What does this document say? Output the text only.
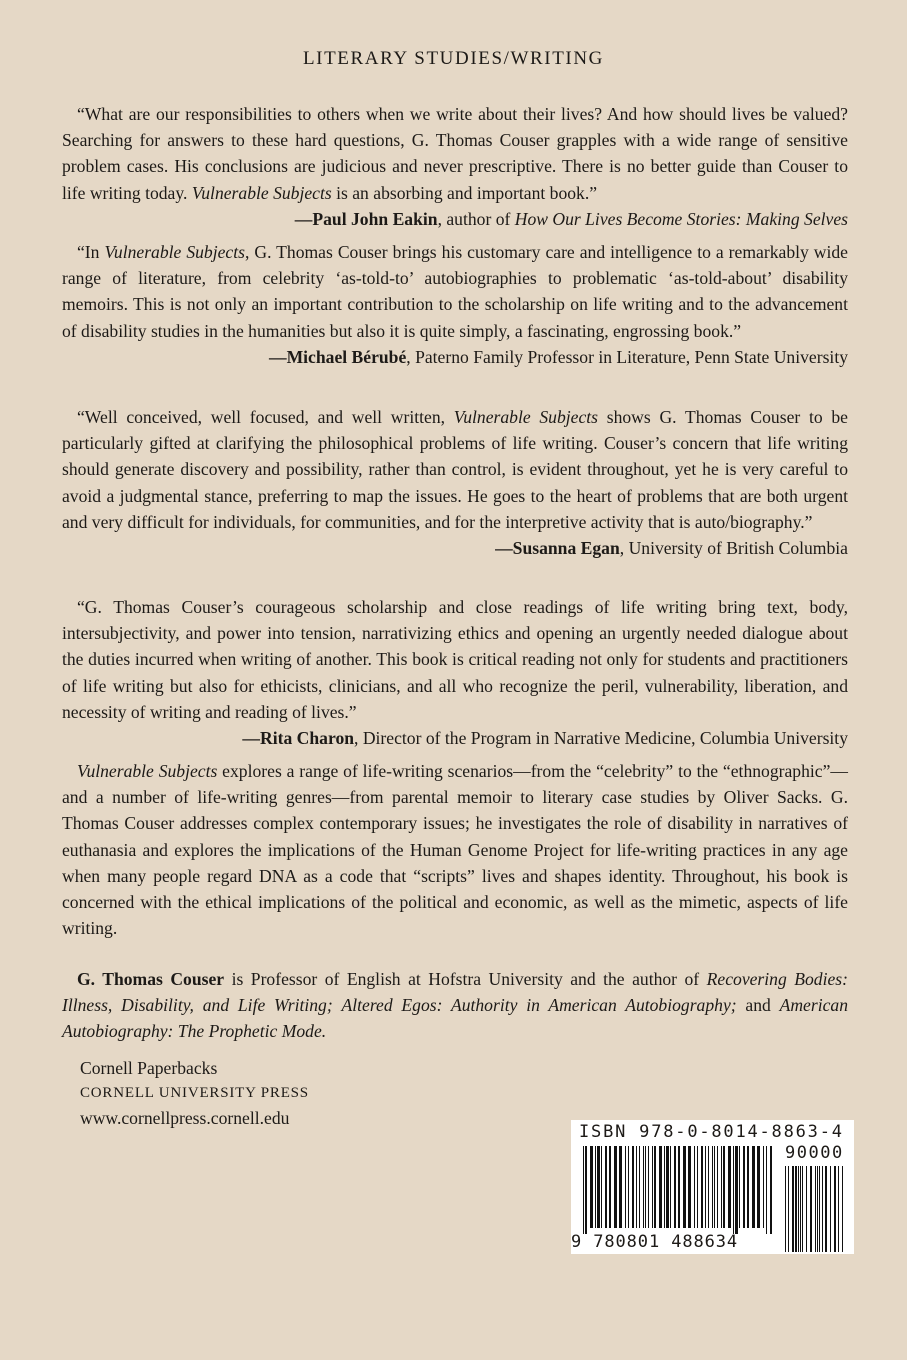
LITERARY STUDIES/WRITING

“What are our responsibilities to others when we write about their lives? And how should lives be valued? Searching for answers to these hard questions, G. Thomas Couser grapples with a wide range of sensitive problem cases. His conclusions are judicious and never prescriptive. There is no better guide than Couser to life writing today. Vulnerable Subjects is an absorbing and important book.”

—Paul John Eakin, author of How Our Lives Become Stories: Making Selves

“In Vulnerable Subjects, G. Thomas Couser brings his customary care and intelligence to a remarkably wide range of literature, from celebrity ‘as-told-to’ autobiographies to problematic ‘as-told-about’ disability memoirs. This is not only an important contribution to the scholarship on life writing and to the advancement of disability studies in the humanities but also it is quite simply, a fascinating, engrossing book.”

—Michael Bérubé, Paterno Family Professor in Literature, Penn State University

“Well conceived, well focused, and well written, Vulnerable Subjects shows G. Thomas Couser to be particularly gifted at clarifying the philosophical problems of life writing. Couser’s concern that life writing should generate discovery and possibility, rather than control, is evident throughout, yet he is very careful to avoid a judgmental stance, preferring to map the issues. He goes to the heart of problems that are both urgent and very difficult for individuals, for communities, and for the interpretive activity that is auto/biography.”

—Susanna Egan, University of British Columbia

“G. Thomas Couser’s courageous scholarship and close readings of life writing bring text, body, intersubjectivity, and power into tension, narrativizing ethics and opening an urgently needed dialogue about the duties incurred when writing of another. This book is critical reading not only for students and practitioners of life writing but also for ethicists, clinicians, and all who recognize the peril, vulnerability, liberation, and necessity of writing and reading of lives.”

—Rita Charon, Director of the Program in Narrative Medicine, Columbia University

Vulnerable Subjects explores a range of life-writing scenarios—from the “celebrity” to the “ethnographic”—and a number of life-writing genres—from parental memoir to literary case studies by Oliver Sacks. G. Thomas Couser addresses complex contemporary issues; he investigates the role of disability in narratives of euthanasia and explores the implications of the Human Genome Project for life-writing practices in any age when many people regard DNA as a code that “scripts” lives and shapes identity. Throughout, his book is concerned with the ethical implications of the political and economic, as well as the mimetic, aspects of life writing.

G. Thomas Couser is Professor of English at Hofstra University and the author of Recovering Bodies: Illness, Disability, and Life Writing; Altered Egos: Authority in American Autobiography; and American Autobiography: The Prophetic Mode.

Cornell Paperbacks
CORNELL UNIVERSITY PRESS
www.cornellpress.cornell.edu
ISBN 978-0-8014-8863-4
90000
9 780801 488634
